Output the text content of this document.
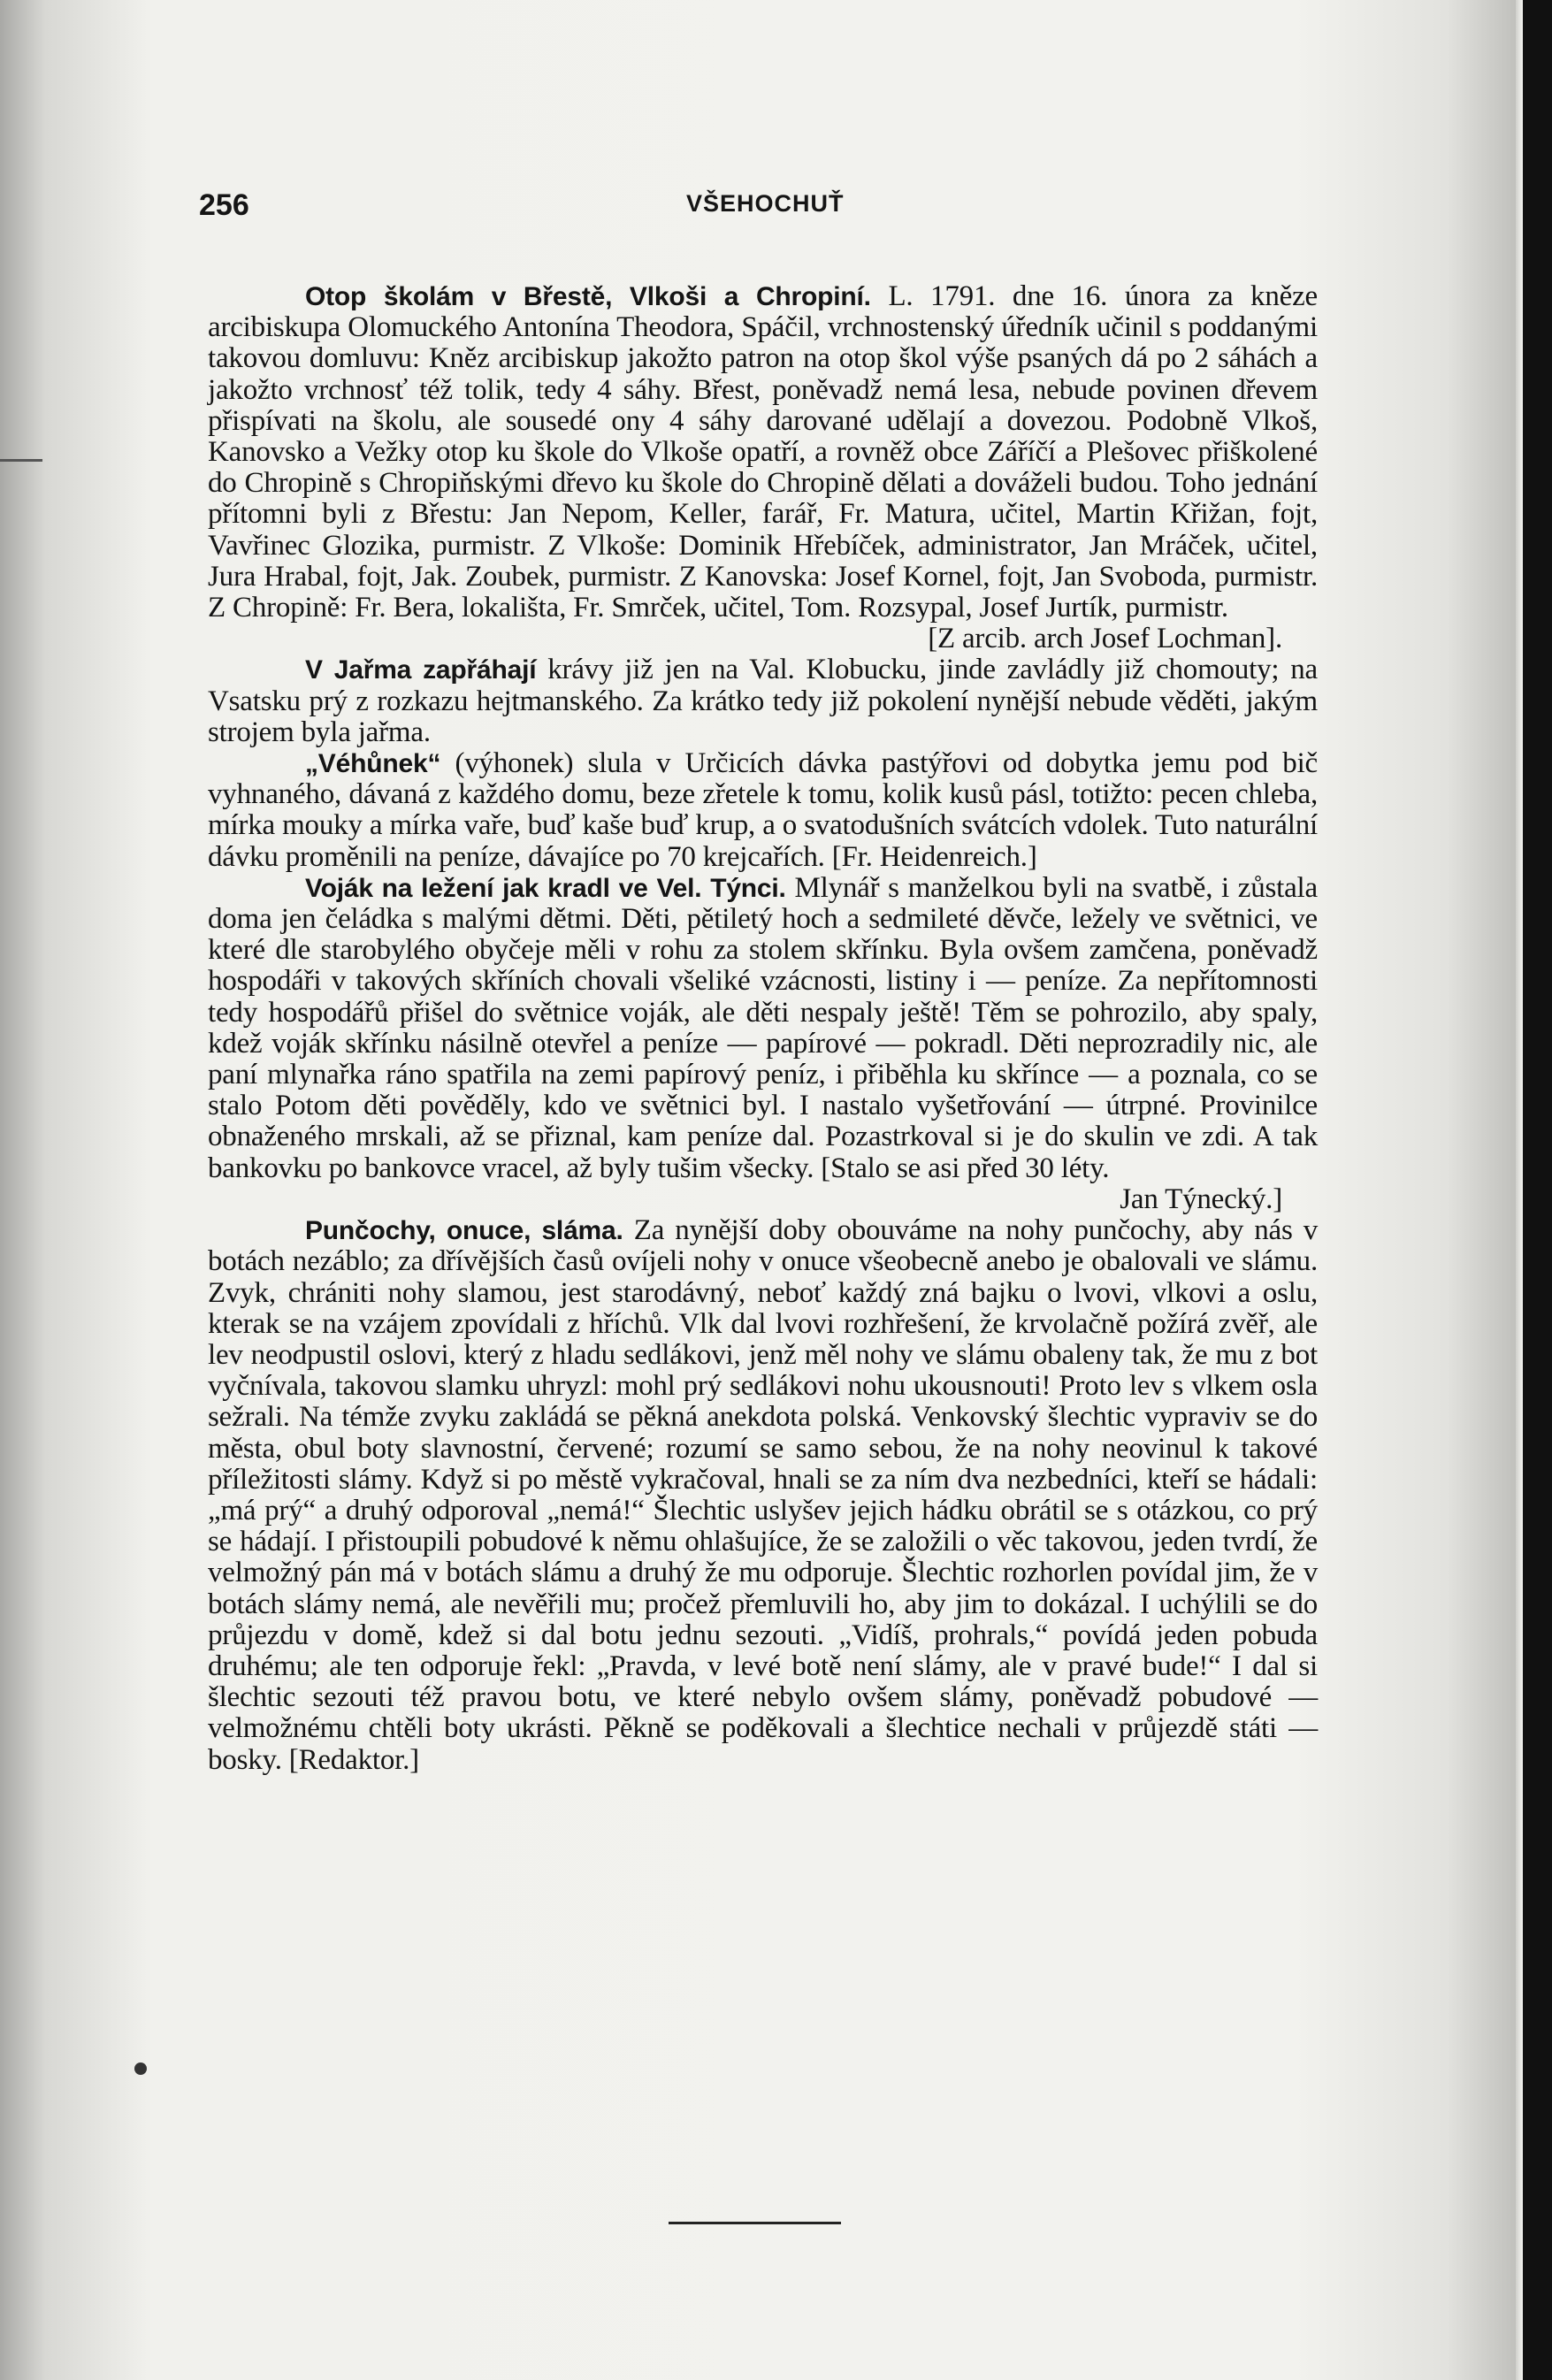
256	VŠEHOCHUŤ

Otop školám v Břestě, Vlkoši a Chropiní. L. 1791. dne 16. února za kněze arcibiskupa Olomuckého Antonína Theodora, Spáčil, vrchnostenský úředník učinil s poddanými takovou domluvu: Kněz arcibiskup jakožto patron na otop škol výše psaných dá po 2 sáhách a jakožto vrchnosť též tolik, tedy 4 sáhy. Břest, poněvadž nemá lesa, nebude povinen dřevem přispívati na školu, ale sousedé ony 4 sáhy darované udělají a dovezou. Podobně Vlkoš, Kanovsko a Vežky otop ku škole do Vlkoše opatří, a rovněž obce Záříčí a Plešovec přiškolené do Chropině s Chropiňskými dřevo ku škole do Chropině dělati a dováželi budou. Toho jednání přítomni byli z Břestu: Jan Nepom, Keller, farář, Fr. Matura, učitel, Martin Křižan, fojt, Vavřinec Glozika, purmistr. Z Vlkoše: Dominik Hřebíček, administrator, Jan Mráček, učitel, Jura Hrabal, fojt, Jak. Zoubek, purmistr. Z Kanovska: Josef Kornel, fojt, Jan Svoboda, purmistr. Z Chropině: Fr. Bera, lokališta, Fr. Smrček, učitel, Tom. Rozsypal, Josef Jurtík, purmistr.

[Z arcib. arch Josef Lochman].

V Jařma zapřáhají krávy již jen na Val. Klobucku, jinde zavládly již chomouty; na Vsatsku prý z rozkazu hejtmanského. Za krátko tedy již pokolení nynější nebude věděti, jakým strojem byla jařma.

„Véhůnek“ (výhonek) slula v Určicích dávka pastýřovi od dobytka jemu pod bič vyhnaného, dávaná z každého domu, beze zřetele k tomu, kolik kusů pásl, totižto: pecen chleba, mírka mouky a mírka vaře, buď kaše buď krup, a o svatodušních svátcích vdolek. Tuto naturální dávku proměnili na peníze, dávajíce po 70 krejcařích. [Fr. Heidenreich.]

Voják na ležení jak kradl ve Vel. Týnci. Mlynář s manželkou byli na svatbě, i zůstala doma jen čeládka s malými dětmi. Děti, pětiletý hoch a sedmileté děvče, ležely ve světnici, ve které dle starobylého obyčeje měli v rohu za stolem skřínku. Byla ovšem zamčena, poněvadž hospodáři v takových skříních chovali všeliké vzácnosti, listiny i — peníze. Za nepřítomnosti tedy hospodářů přišel do světnice voják, ale děti nespaly ještě! Těm se pohrozilo, aby spaly, kdež voják skřínku násilně otevřel a peníze — papírové — pokradl. Děti neprozradily nic, ale paní mlynařka ráno spatřila na zemi papírový peníz, i přiběhla ku skřínce — a poznala, co se stalo Potom děti pověděly, kdo ve světnici byl. I nastalo vyšetřování — útrpné. Provinilce obnaženého mrskali, až se přiznal, kam peníze dal. Pozastrkoval si je do skulin ve zdi. A tak bankovku po bankovce vracel, až byly tušim všecky. [Stalo se asi před 30 léty.

Jan Týnecký.]

Punčochy, onuce, sláma. Za nynější doby obouváme na nohy punčochy, aby nás v botách nezáblo; za dřívějších časů ovíjeli nohy v onuce všeobecně anebo je obalovali ve slámu. Zvyk, chrániti nohy slamou, jest starodávný, neboť každý zná bajku o lvovi, vlkovi a oslu, kterak se na vzájem zpovídali z hříchů. Vlk dal lvovi rozhřešení, že krvolačně požírá zvěř, ale lev neodpustil oslovi, který z hladu sedlákovi, jenž měl nohy ve slámu obaleny tak, že mu z bot vyčnívala, takovou slamku uhryzl: mohl prý sedlákovi nohu ukousnouti! Proto lev s vlkem osla sežrali. Na témže zvyku zakládá se pěkná anekdota polská. Venkovský šlechtic vypraviv se do města, obul boty slavnostní, červené; rozumí se samo sebou, že na nohy neovinul k takové příležitosti slámy. Když si po městě vykračoval, hnali se za ním dva nezbedníci, kteří se hádali: „má prý“ a druhý odporoval „nemá!“ Šlechtic uslyšev jejich hádku obrátil se s otázkou, co prý se hádají. I přistoupili pobudové k němu ohlašujíce, že se založili o věc takovou, jeden tvrdí, že velmožný pán má v botách slámu a druhý že mu odporuje. Šlechtic rozhorlen povídal jim, že v botách slámy nemá, ale nevěřili mu; pročež přemluvili ho, aby jim to dokázal. I uchýlili se do průjezdu v domě, kdež si dal botu jednu sezouti. „Vidíš, prohrals,“ povídá jeden pobuda druhému; ale ten odporuje řekl: „Pravda, v levé botě není slámy, ale v pravé bude!“ I dal si šlechtic sezouti též pravou botu, ve které nebylo ovšem slámy, poněvadž pobudové — velmožnému chtěli boty ukrásti. Pěkně se poděkovali a šlechtice nechali v průjezdě státi — bosky. [Redaktor.]
